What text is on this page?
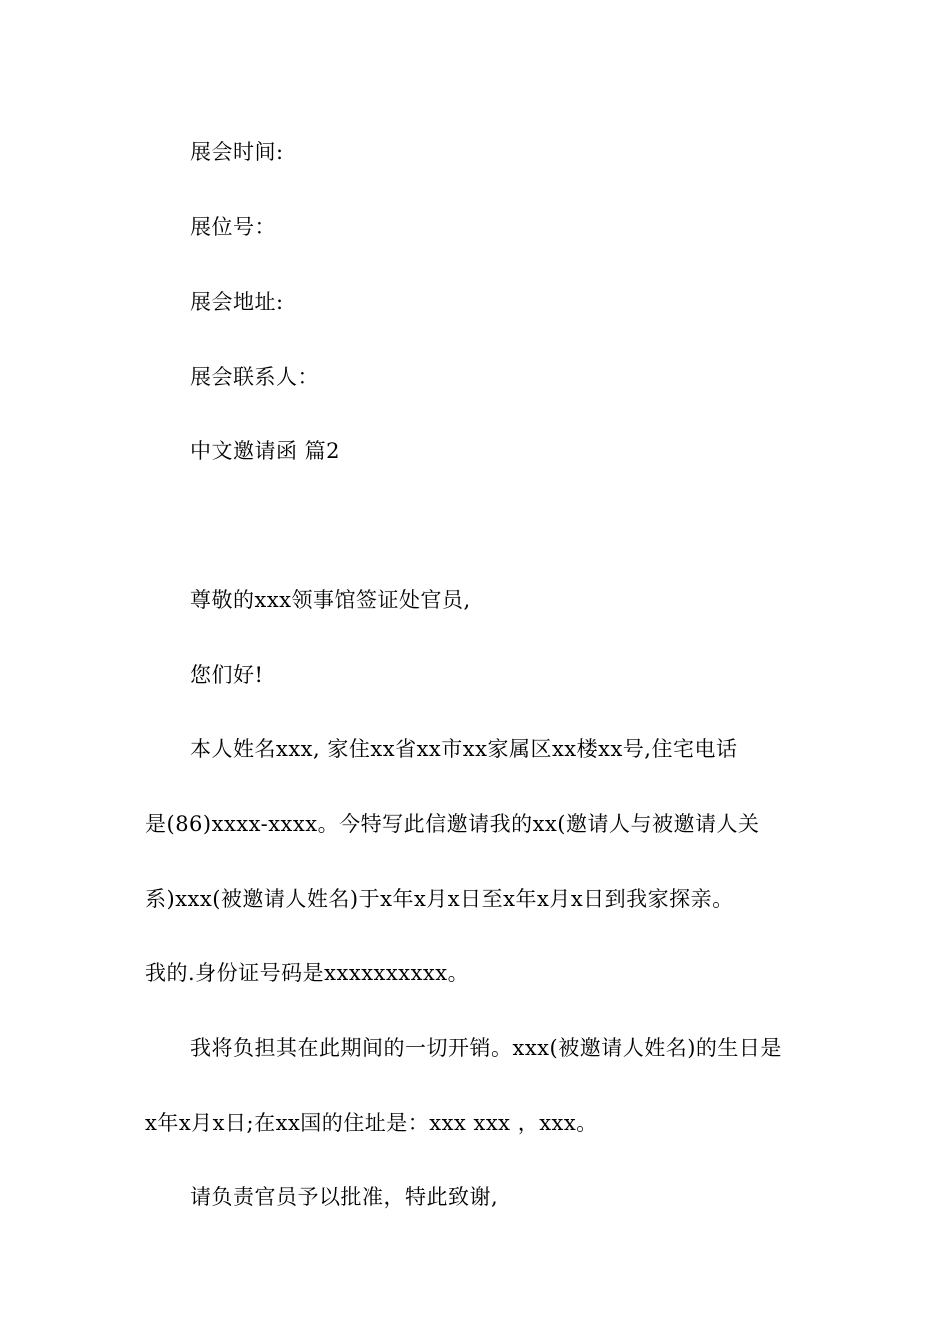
展会时间:
展位号：
展会地址:
展会联系人：
中文邀请函 篇2
尊敬的xxx领事馆签证处官员,
您们好!
本人姓名xxx, 家住xx省xx市xx家属区xx楼xx号,住宅电话
是(86)xxxx-xxxx。今特写此信邀请我的xx(邀请人与被邀请人关
系)xxx(被邀请人姓名)于x年x月x日至x年x月x日到我家探亲。
我的.身份证号码是xxxxxxxxxx。
我将负担其在此期间的一切开销。xxx(被邀请人姓名)的生日是
x年x月x日;在xx国的住址是：xxx xxx ，xxx。
请负责官员予以批准，特此致谢,
